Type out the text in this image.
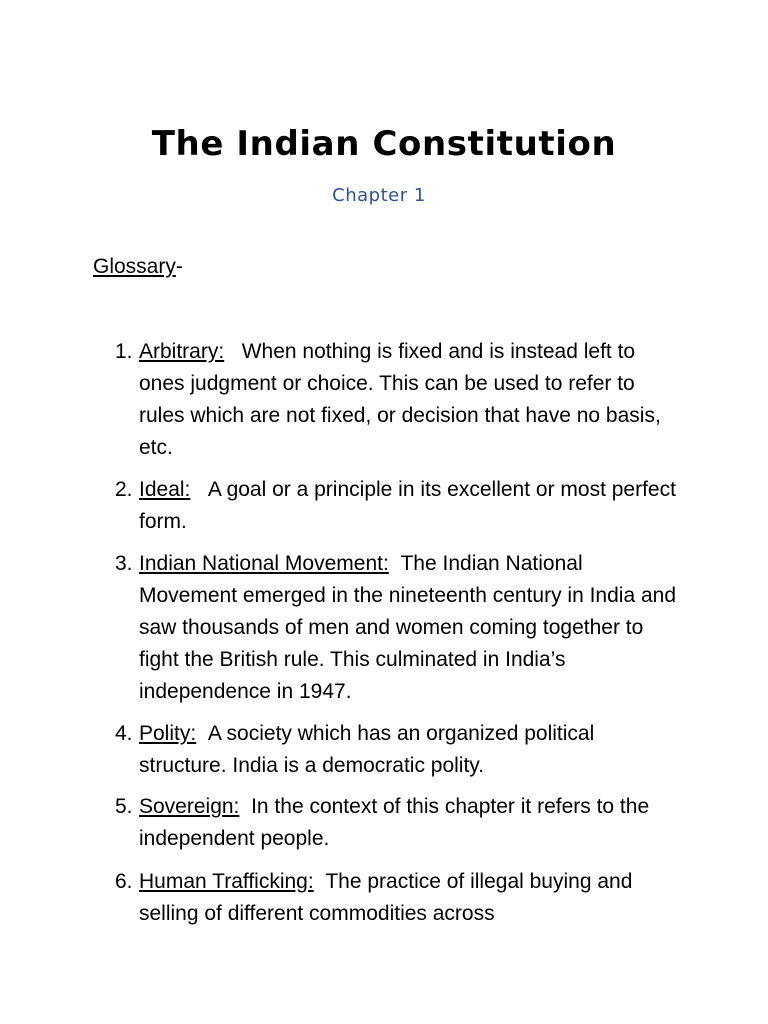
The Indian Constitution

Chapter 1

Glossary-

1. Arbitrary: When nothing is fixed and is instead left to ones judgment or choice. This can be used to refer to rules which are not fixed, or decision that have no basis, etc.
2. Ideal: A goal or a principle in its excellent or most perfect form.
3. Indian National Movement: The Indian National Movement emerged in the nineteenth century in India and saw thousands of men and women coming together to fight the British rule. This culminated in India’s independence in 1947.
4. Polity: A society which has an organized political structure. India is a democratic polity.
5. Sovereign: In the context of this chapter it refers to the independent people.
6. Human Trafficking: The practice of illegal buying and selling of different commodities across
